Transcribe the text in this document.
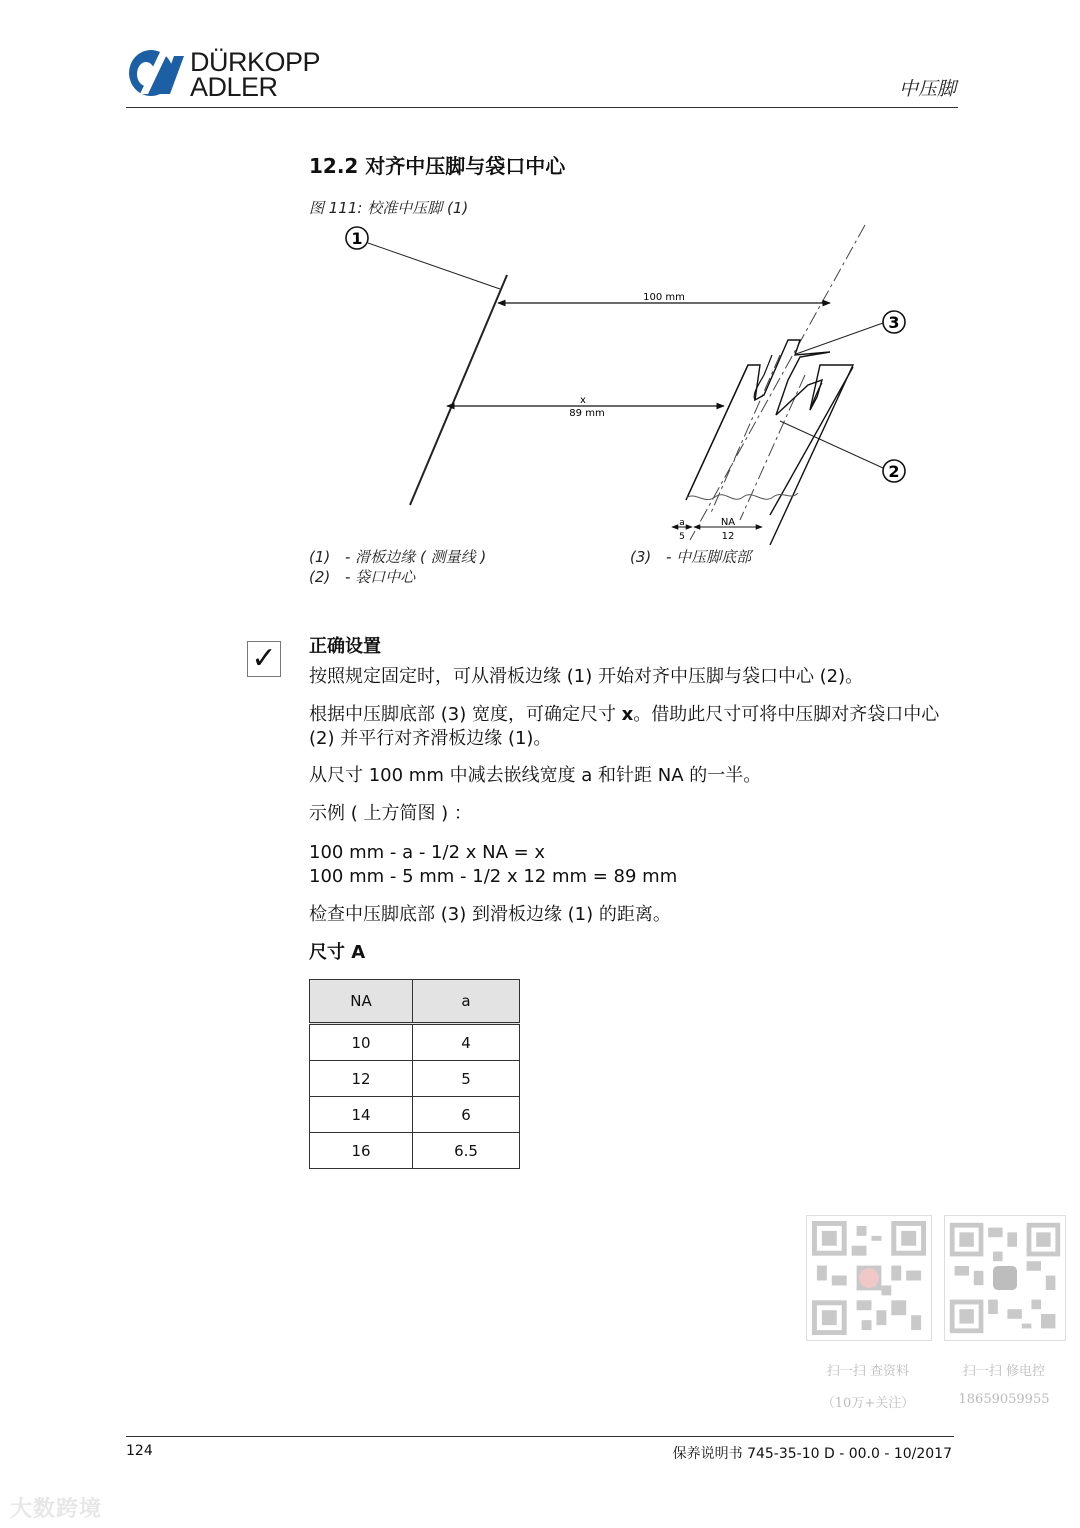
DÜRKOPP
ADLER	中压脚
12.2 对齐中压脚与袋口中心
图 111: 校准中压脚 (1)
1
100 mm
x
89 mm
3
2
a
5
NA
12
(1) - 滑板边缘 ( 测量线 )
(2) - 袋口中心
(3) - 中压脚底部
✓ 正确设置
按照规定固定时，可从滑板边缘 (1) 开始对齐中压脚与袋口中心 (2)。
根据中压脚底部 (3) 宽度，可确定尺寸 x。借助此尺寸可将中压脚对齐袋口中心 (2) 并平行对齐滑板边缘 (1)。
从尺寸 100 mm 中减去嵌线宽度 a 和针距 NA 的一半。
示例 ( 上方简图 ) ：
100 mm - a - 1/2 x NA = x
100 mm - 5 mm - 1/2 x 12 mm = 89 mm
检查中压脚底部 (3) 到滑板边缘 (1) 的距离。
尺寸 A
NA	a
10	4
12	5
14	6
16	6.5
扫一扫 查资料
（10万+关注）
扫一扫 修电控
18659059955
124	保养说明书 745-35-10 D - 00.0 - 10/2017
大数跨境
